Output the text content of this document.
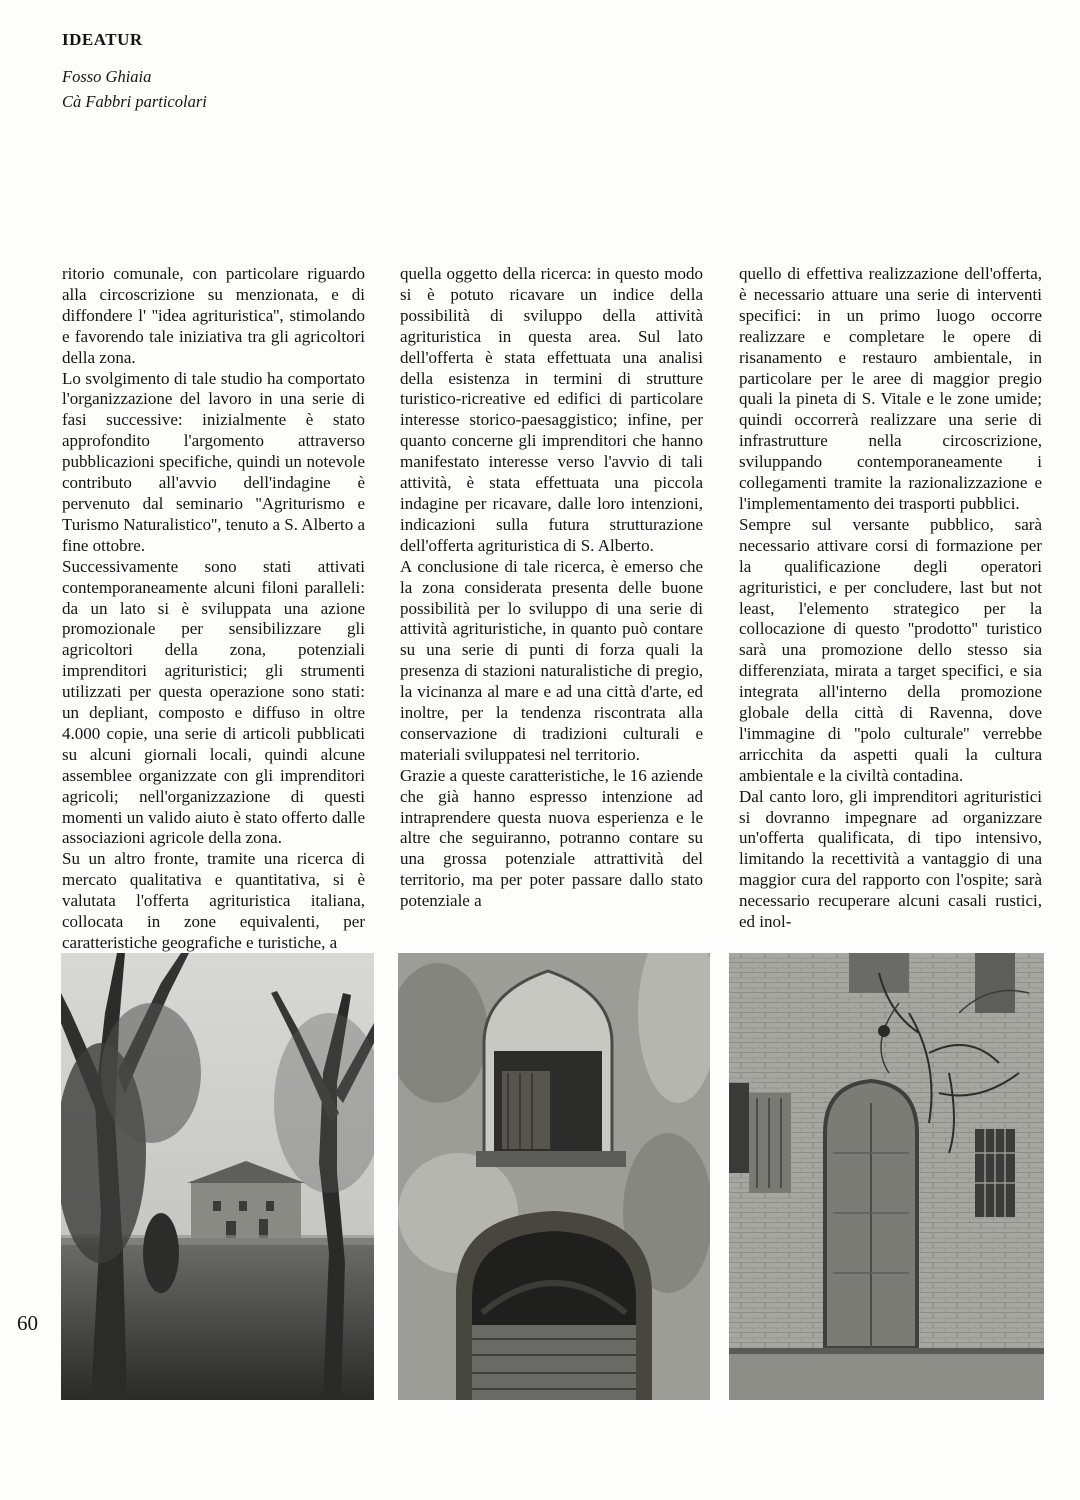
IDEATUR
Fosso Ghiaia
Cà Fabbri particolari

ritorio comunale, con particolare riguardo alla circoscrizione su menzionata, e di diffondere l' ''idea agrituristica'', stimolando e favorendo tale iniziativa tra gli agricoltori della zona.

Lo svolgimento di tale studio ha comportato l'organizzazione del lavoro in una serie di fasi successive: inizialmente è stato approfondito l'argomento attraverso pubblicazioni specifiche, quindi un notevole contributo all'avvio dell'indagine è pervenuto dal seminario ''Agriturismo e Turismo Naturalistico'', tenuto a S. Alberto a fine ottobre.

Successivamente sono stati attivati contemporaneamente alcuni filoni paralleli: da un lato si è sviluppata una azione promozionale per sensibilizzare gli agricoltori della zona, potenziali imprenditori agrituristici; gli strumenti utilizzati per questa operazione sono stati: un depliant, composto e diffuso in oltre 4.000 copie, una serie di articoli pubblicati su alcuni giornali locali, quindi alcune assemblee organizzate con gli imprenditori agricoli; nell'organizzazione di questi momenti un valido aiuto è stato offerto dalle associazioni agricole della zona.

Su un altro fronte, tramite una ricerca di mercato qualitativa e quantitativa, si è valutata l'offerta agrituristica italiana, collocata in zone equivalenti, per caratteristiche geografiche e turistiche, a

quella oggetto della ricerca: in questo modo si è potuto ricavare un indice della possibilità di sviluppo della attività agrituristica in questa area. Sul lato dell'offerta è stata effettuata una analisi della esistenza in termini di strutture turistico-ricreative ed edifici di particolare interesse storico-paesaggistico; infine, per quanto concerne gli imprenditori che hanno manifestato interesse verso l'avvio di tali attività, è stata effettuata una piccola indagine per ricavare, dalle loro intenzioni, indicazioni sulla futura strutturazione dell'offerta agrituristica di S. Alberto.

A conclusione di tale ricerca, è emerso che la zona considerata presenta delle buone possibilità per lo sviluppo di una serie di attività agrituristiche, in quanto può contare su una serie di punti di forza quali la presenza di stazioni naturalistiche di pregio, la vicinanza al mare e ad una città d'arte, ed inoltre, per la tendenza riscontrata alla conservazione di tradizioni culturali e materiali sviluppatesi nel territorio.

Grazie a queste caratteristiche, le 16 aziende che già hanno espresso intenzione ad intraprendere questa nuova esperienza e le altre che seguiranno, potranno contare su una grossa potenziale attrattività del territorio, ma per poter passare dallo stato potenziale a

quello di effettiva realizzazione dell'offerta, è necessario attuare una serie di interventi specifici: in un primo luogo occorre realizzare e completare le opere di risanamento e restauro ambientale, in particolare per le aree di maggior pregio quali la pineta di S. Vitale e le zone umide; quindi occorrerà realizzare una serie di infrastrutture nella circoscrizione, sviluppando contemporaneamente i collegamenti tramite la razionalizzazione e l'implementamento dei trasporti pubblici.

Sempre sul versante pubblico, sarà necessario attivare corsi di formazione per la qualificazione degli operatori agrituristici, e per concludere, last but not least, l'elemento strategico per la collocazione di questo ''prodotto'' turistico sarà una promozione dello stesso sia differenziata, mirata a target specifici, e sia integrata all'interno della promozione globale della città di Ravenna, dove l'immagine di ''polo culturale'' verrebbe arricchita da aspetti quali la cultura ambientale e la civiltà contadina.

Dal canto loro, gli imprenditori agrituristici si dovranno impegnare ad organizzare un'offerta qualificata, di tipo intensivo, limitando la recettività a vantaggio di una maggior cura del rapporto con l'ospite; sarà necessario recuperare alcuni casali rustici, ed inol-

60
